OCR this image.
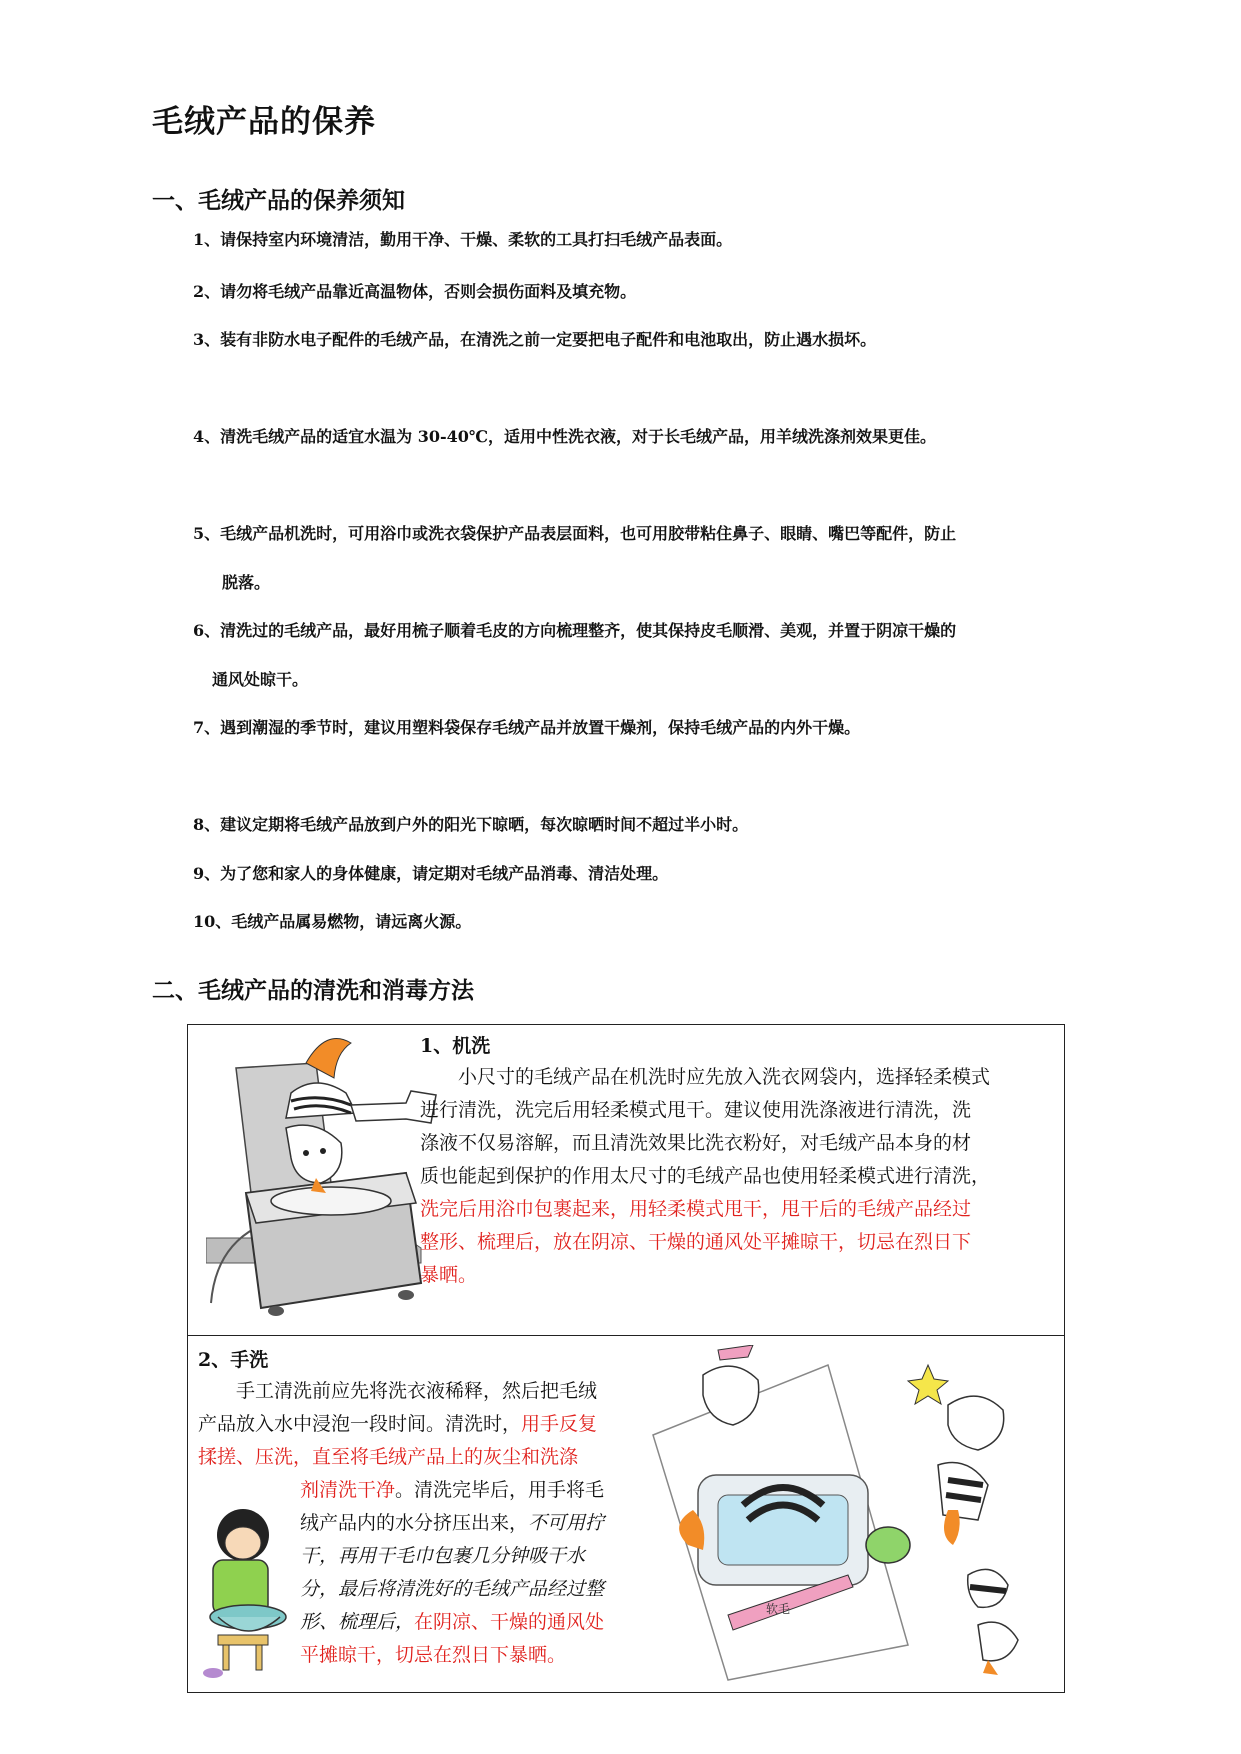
毛绒产品的保养
一、毛绒产品的保养须知
1、请保持室内环境清洁，勤用干净、干燥、柔软的工具打扫毛绒产品表面。
2、请勿将毛绒产品靠近高温物体，否则会损伤面料及填充物。
3、装有非防水电子配件的毛绒产品，在清洗之前一定要把电子配件和电池取出，防止遇水损坏。
4、清洗毛绒产品的适宜水温为 30-40℃，适用中性洗衣液，对于长毛绒产品，用羊绒洗涤剂效果更佳。
5、毛绒产品机洗时，可用浴巾或洗衣袋保护产品表层面料，也可用胶带粘住鼻子、眼睛、嘴巴等配件，防止
脱落。
6、清洗过的毛绒产品，最好用梳子顺着毛皮的方向梳理整齐，使其保持皮毛顺滑、美观，并置于阴凉干燥的
通风处晾干。
7、遇到潮湿的季节时，建议用塑料袋保存毛绒产品并放置干燥剂，保持毛绒产品的内外干燥。
8、建议定期将毛绒产品放到户外的阳光下晾晒，每次晾晒时间不超过半小时。
9、为了您和家人的身体健康，请定期对毛绒产品消毒、清洁处理。
10、毛绒产品属易燃物，请远离火源。
二、毛绒产品的清洗和消毒方法
1、机洗
小尺寸的毛绒产品在机洗时应先放入洗衣网袋内，选择轻柔模式
进行清洗，洗完后用轻柔模式甩干。建议使用洗涤液进行清洗，洗
涤液不仅易溶解，而且清洗效果比洗衣粉好，对毛绒产品本身的材
质也能起到保护的作用太尺寸的毛绒产品也使用轻柔模式进行清洗，
洗完后用浴巾包裹起来，用轻柔模式甩干，甩干后的毛绒产品经过
整形、梳理后，放在阴凉、干燥的通风处平摊晾干，切忌在烈日下
暴晒。
2、手洗
手工清洗前应先将洗衣液稀释，然后把毛绒
产品放入水中浸泡一段时间。清洗时，用手反复
揉搓、压洗，直至将毛绒产品上的灰尘和洗涤
剂清洗干净。清洗完毕后，用手将毛
绒产品内的水分挤压出来，不可用拧
干，再用干毛巾包裹几分钟吸干水
分，最后将清洗好的毛绒产品经过整
形、梳理后，在阴凉、干燥的通风处
平摊晾干，切忌在烈日下暴晒。
软毛
